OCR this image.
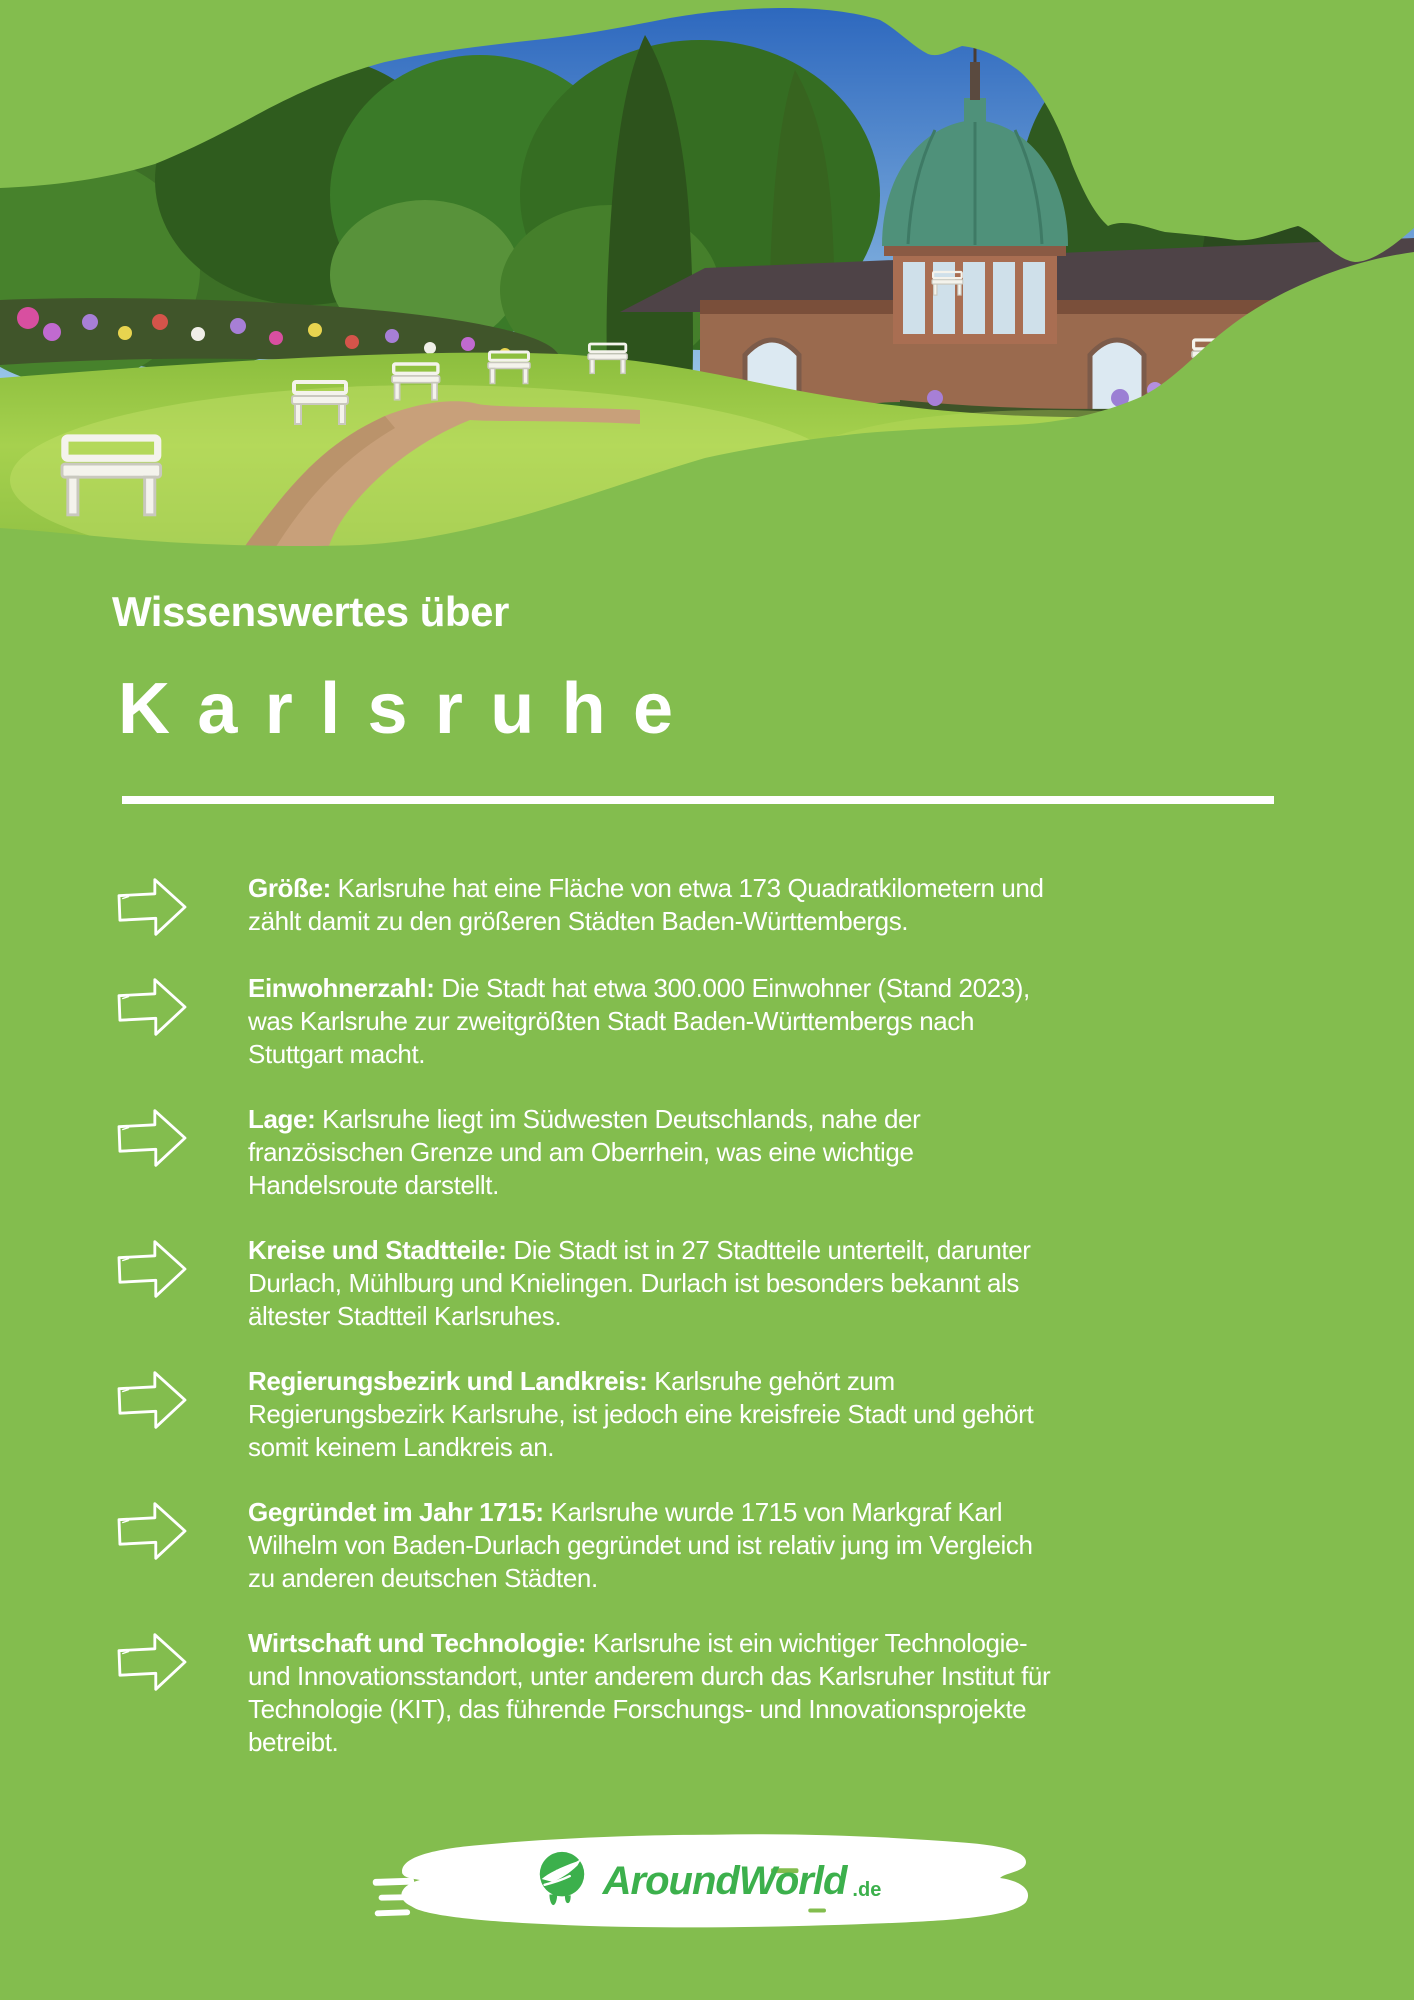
Wissenswertes über
Karlsruhe

Größe: Karlsruhe hat eine Fläche von etwa 173 Quadratkilometern und zählt damit zu den größeren Städten Baden-Württembergs.

Einwohnerzahl: Die Stadt hat etwa 300.000 Einwohner (Stand 2023), was Karlsruhe zur zweitgrößten Stadt Baden-Württembergs nach Stuttgart macht.

Lage: Karlsruhe liegt im Südwesten Deutschlands, nahe der französischen Grenze und am Oberrhein, was eine wichtige Handelsroute darstellt.

Kreise und Stadtteile: Die Stadt ist in 27 Stadtteile unterteilt, darunter Durlach, Mühlburg und Knielingen. Durlach ist besonders bekannt als ältester Stadtteil Karlsruhes.

Regierungsbezirk und Landkreis: Karlsruhe gehört zum Regierungsbezirk Karlsruhe, ist jedoch eine kreisfreie Stadt und gehört somit keinem Landkreis an.

Gegründet im Jahr 1715: Karlsruhe wurde 1715 von Markgraf Karl Wilhelm von Baden-Durlach gegründet und ist relativ jung im Vergleich zu anderen deutschen Städten.

Wirtschaft und Technologie: Karlsruhe ist ein wichtiger Technologie- und Innovationsstandort, unter anderem durch das Karlsruher Institut für Technologie (KIT), das führende Forschungs- und Innovationsprojekte betreibt.

AroundWorld .de
